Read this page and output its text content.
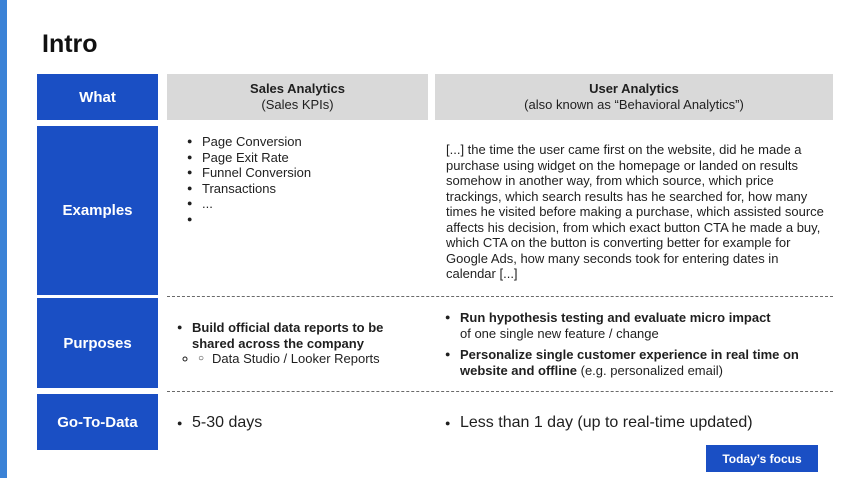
Intro
What
Examples
Purposes
Go-To-Data
Sales Analytics
(Sales KPIs)
User Analytics
(also known as “Behavioral Analytics”)
● Page Conversion
● Page Exit Rate
● Funnel Conversion
● Transactions
● ...
●
[...] the time the user came first on the website, did he made a purchase using widget on the homepage or landed on results somehow in another way, from which source, which price trackings, which search results has he searched for, how many times he visited before making a purchase, which assisted source affects his decision, from which exact button CTA he made a buy, which CTA on the button is converting better for example for Google Ads, how many seconds took for entering dates in calendar [...]
● Build official data reports to be shared across the company
○ ◦ Data Studio / Looker Reports
● Run hypothesis testing and evaluate micro impact
of one single new feature / change
● Personalize single customer experience in real time on website and offline (e.g. personalized email)
● 5-30 days
●	Less than 1 day (up to real-time updated)
Today’s focus
